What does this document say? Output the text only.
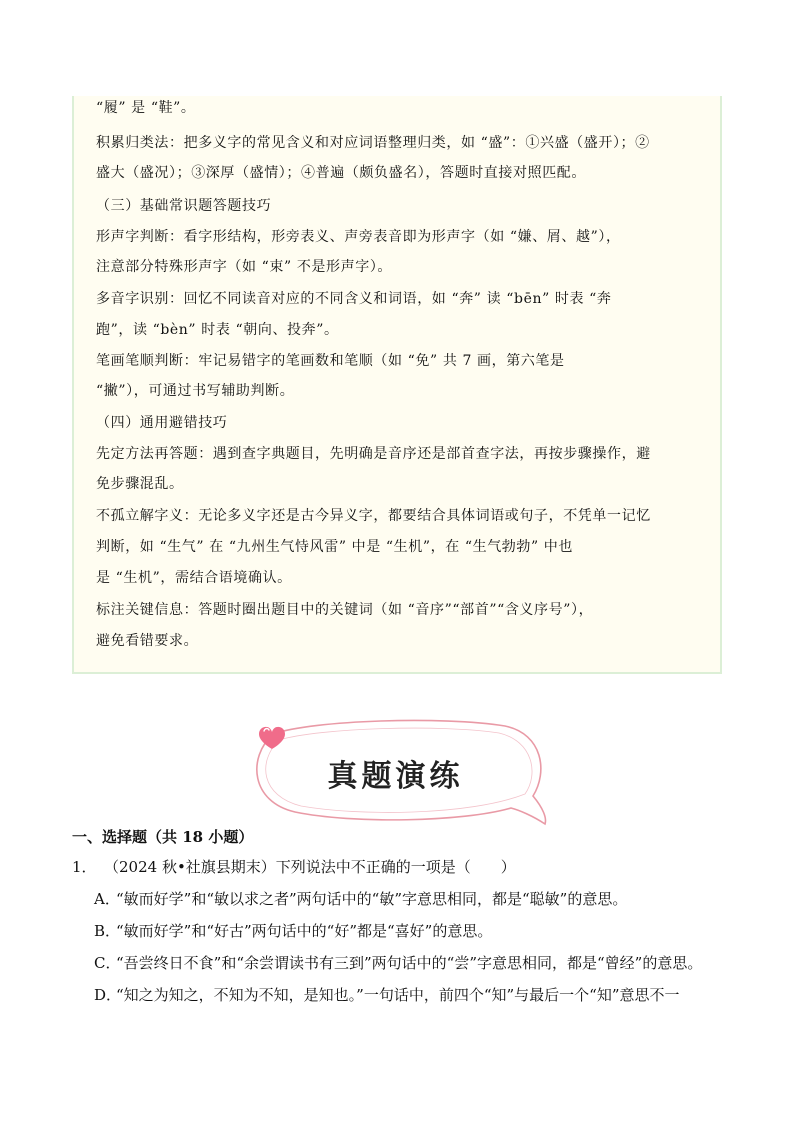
“履” 是 “鞋”。
积累归类法：把多义字的常见含义和对应词语整理归类，如 “盛”：①兴盛（盛开）；②
盛大（盛况）；③深厚（盛情）；④普遍（颇负盛名），答题时直接对照匹配。
（三）基础常识题答题技巧
形声字判断：看字形结构，形旁表义、声旁表音即为形声字（如 “嫌、屑、越”），
注意部分特殊形声字（如 “束” 不是形声字）。
多音字识别：回忆不同读音对应的不同含义和词语，如 “奔” 读 “bēn” 时表 “奔
跑”，读 “bèn” 时表 “朝向、投奔”。
笔画笔顺判断：牢记易错字的笔画数和笔顺（如 “免” 共 7 画，第六笔是
“撇”），可通过书写辅助判断。
（四）通用避错技巧
先定方法再答题：遇到查字典题目，先明确是音序还是部首查字法，再按步骤操作，避
免步骤混乱。
不孤立解字义：无论多义字还是古今异义字，都要结合具体词语或句子，不凭单一记忆
判断，如 “生气” 在 “九州生气恃风雷” 中是 “生机”，在 “生气勃勃” 中也
是 “生机”，需结合语境确认。
标注关键信息：答题时圈出题目中的关键词（如 “音序”“部首”“含义序号”），
避免看错要求。
真题演练
一、选择题（共 18 小题）
1． （2024 秋•社旗县期末）下列说法中不正确的一项是（　　）
A．“敏而好学”和“敏以求之者”两句话中的“敏”字意思相同，都是“聪敏”的意思。
B．“敏而好学”和“好古”两句话中的“好”都是“喜好”的意思。
C．“吾尝终日不食”和“余尝谓读书有三到”两句话中的“尝”字意思相同，都是“曾经”的意思。
D．“知之为知之，不知为不知，是知也。”一句话中，前四个“知”与最后一个“知”意思不一
